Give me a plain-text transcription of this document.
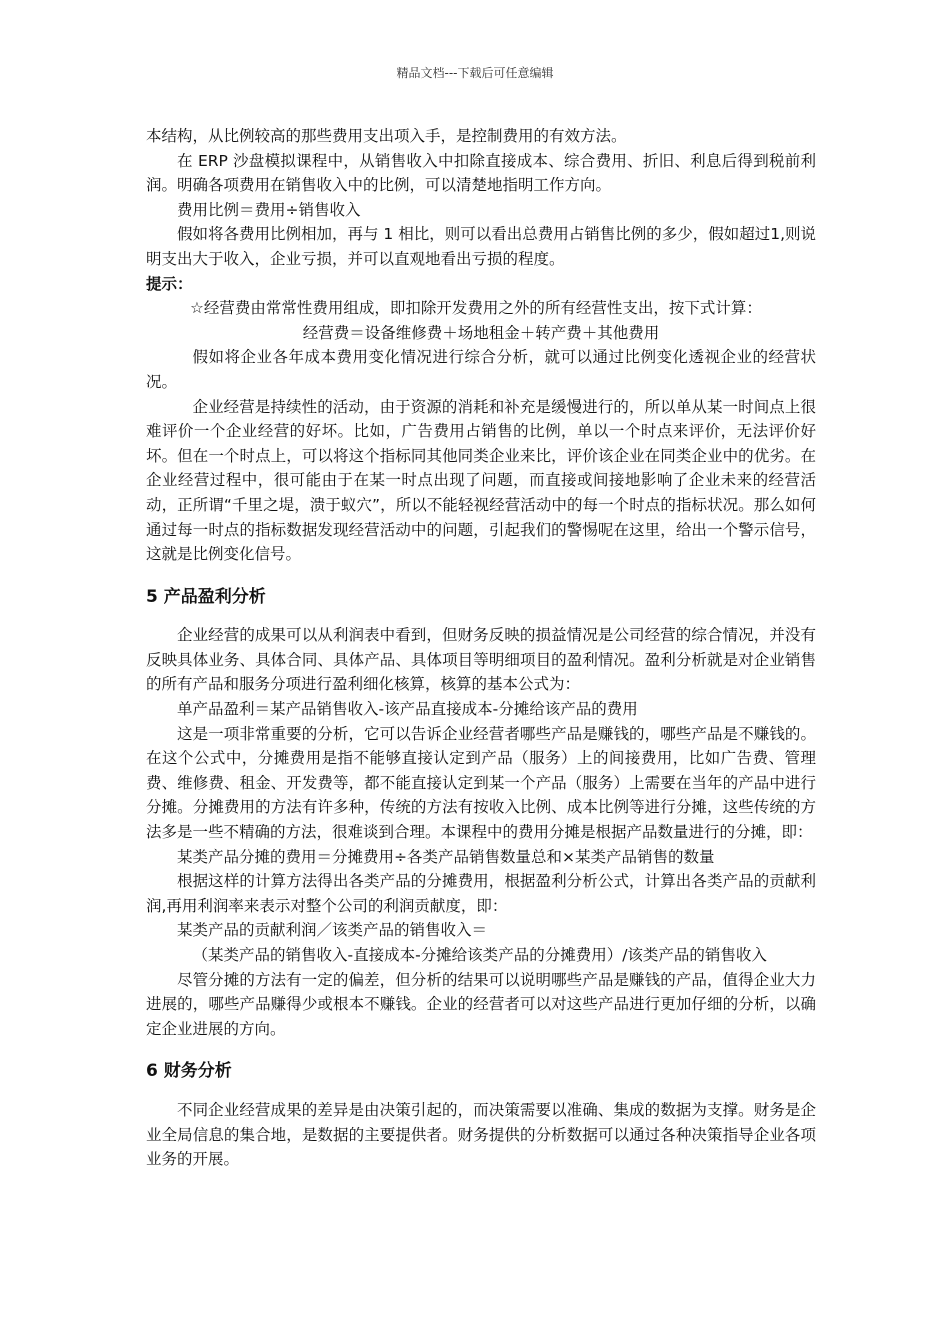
精品文档---下载后可任意编辑

本结构，从比例较高的那些费用支出项入手，是控制费用的有效方法。

在 ERP 沙盘模拟课程中，从销售收入中扣除直接成本、综合费用、折旧、利息后得到税前利润。明确各项费用在销售收入中的比例，可以清楚地指明工作方向。

费用比例＝费用÷销售收入

假如将各费用比例相加，再与 1 相比，则可以看出总费用占销售比例的多少，假如超过1,则说明支出大于收入，企业亏损，并可以直观地看出亏损的程度。

提示：

☆经营费由常常性费用组成，即扣除开发费用之外的所有经营性支出，按下式计算：

经营费＝设备维修费＋场地租金＋转产费＋其他费用

假如将企业各年成本费用变化情况进行综合分析，就可以通过比例变化透视企业的经营状况。

企业经营是持续性的活动，由于资源的消耗和补充是缓慢进行的，所以单从某一时间点上很难评价一个企业经营的好坏。比如，广告费用占销售的比例，单以一个时点来评价，无法评价好坏。但在一个时点上，可以将这个指标同其他同类企业来比，评价该企业在同类企业中的优劣。在企业经营过程中，很可能由于在某一时点出现了问题，而直接或间接地影响了企业未来的经营活动，正所谓“千里之堤，溃于蚁穴”，所以不能轻视经营活动中的每一个时点的指标状况。那么如何通过每一时点的指标数据发现经营活动中的问题，引起我们的警惕呢在这里，给出一个警示信号，这就是比例变化信号。

5 产品盈利分析

企业经营的成果可以从利润表中看到，但财务反映的损益情况是公司经营的综合情况，并没有反映具体业务、具体合同、具体产品、具体项目等明细项目的盈利情况。盈利分析就是对企业销售的所有产品和服务分项进行盈利细化核算，核算的基本公式为：

单产品盈利＝某产品销售收入-该产品直接成本-分摊给该产品的费用

这是一项非常重要的分析，它可以告诉企业经营者哪些产品是赚钱的，哪些产品是不赚钱的。在这个公式中，分摊费用是指不能够直接认定到产品（服务）上的间接费用，比如广告费、管理费、维修费、租金、开发费等，都不能直接认定到某一个产品（服务）上需要在当年的产品中进行分摊。分摊费用的方法有许多种，传统的方法有按收入比例、成本比例等进行分摊，这些传统的方法多是一些不精确的方法，很难谈到合理。本课程中的费用分摊是根据产品数量进行的分摊，即：

某类产品分摊的费用＝分摊费用÷各类产品销售数量总和×某类产品销售的数量

根据这样的计算方法得出各类产品的分摊费用，根据盈利分析公式，计算出各类产品的贡献利润,再用利润率来表示对整个公司的利润贡献度，即：

某类产品的贡献利润／该类产品的销售收入＝

（某类产品的销售收入-直接成本-分摊给该类产品的分摊费用）/该类产品的销售收入

尽管分摊的方法有一定的偏差，但分析的结果可以说明哪些产品是赚钱的产品，值得企业大力进展的，哪些产品赚得少或根本不赚钱。企业的经营者可以对这些产品进行更加仔细的分析，以确定企业进展的方向。

6 财务分析

不同企业经营成果的差异是由决策引起的，而决策需要以准确、集成的数据为支撑。财务是企业全局信息的集合地，是数据的主要提供者。财务提供的分析数据可以通过各种决策指导企业各项业务的开展。
